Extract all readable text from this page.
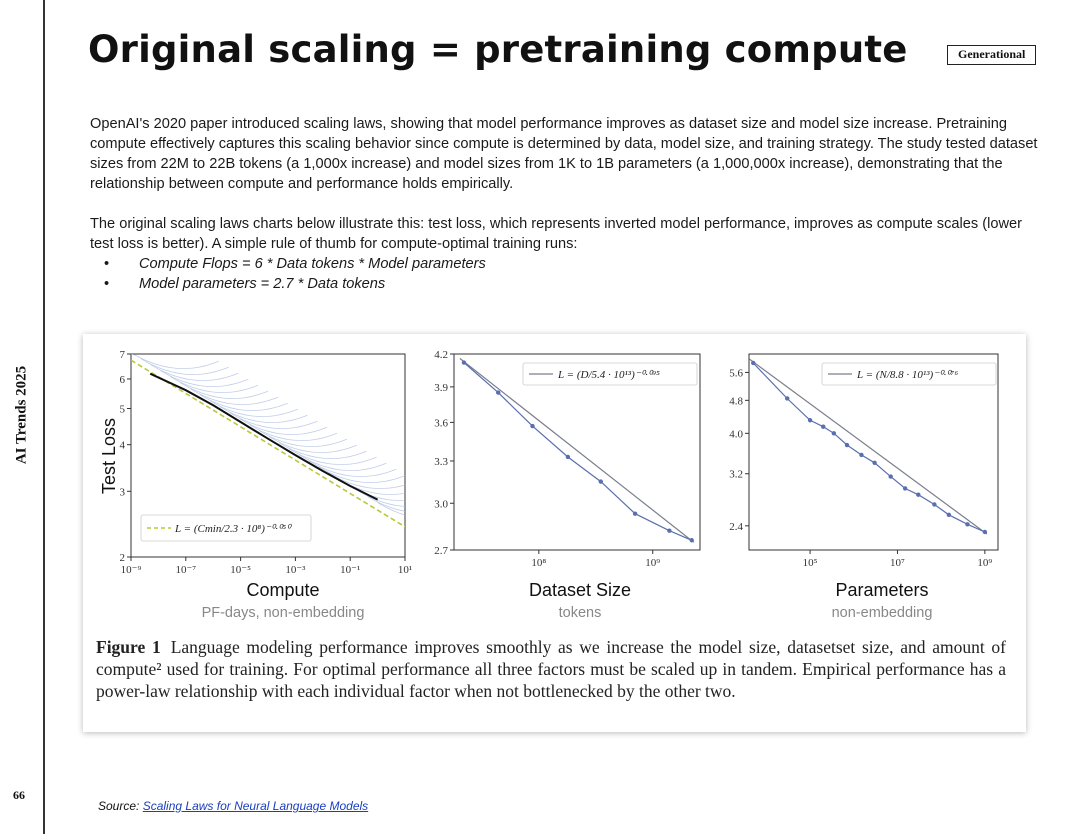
AI Trends 2025
66
Original scaling = pretraining compute	Generational

OpenAI's 2020 paper introduced scaling laws, showing that model performance improves as dataset size and model size increase. Pretraining compute effectively captures this scaling behavior since compute is determined by data, model size, and training strategy. The study tested dataset sizes from 22M to 22B tokens (a 1,000x increase) and model sizes from 1K to 1B parameters (a 1,000,000x increase), demonstrating that the relationship between compute and performance holds empirically.

The original scaling laws charts below illustrate this: test loss, which represents inverted model performance, improves as compute scales (lower test loss is better). A simple rule of thumb for compute-optimal training runs:

• Compute Flops = 6 * Data tokens * Model parameters
• Model parameters = 2.7 * Data tokens
10⁻⁹	10⁻⁷	10⁻⁵	10⁻³	10⁻¹	10¹
2
3
4
5
6
7
L = (Cmin/2.3 · 10⁸)⁻⁰·⁰⁵⁰
Test Loss
Compute
PF-days, non-embedding
10⁸	10⁹
2.7
3.0
3.3
3.6
3.9
4.2
L = (D/5.4 · 10¹³)⁻⁰·⁰⁹⁵
Dataset Size
tokens
10⁵	10⁷	10⁹
2.4
3.2
4.0
4.8
5.6	L = (N/8.8 · 10¹³)⁻⁰·⁰⁷⁶
Parameters
non-embedding
Figure 1 Language modeling performance improves smoothly as we increase the model size, datasetset size, and amount of compute² used for training. For optimal performance all three factors must be scaled up in tandem. Empirical performance has a power-law relationship with each individual factor when not bottlenecked by the other two.
Source: Scaling Laws for Neural Language Models
